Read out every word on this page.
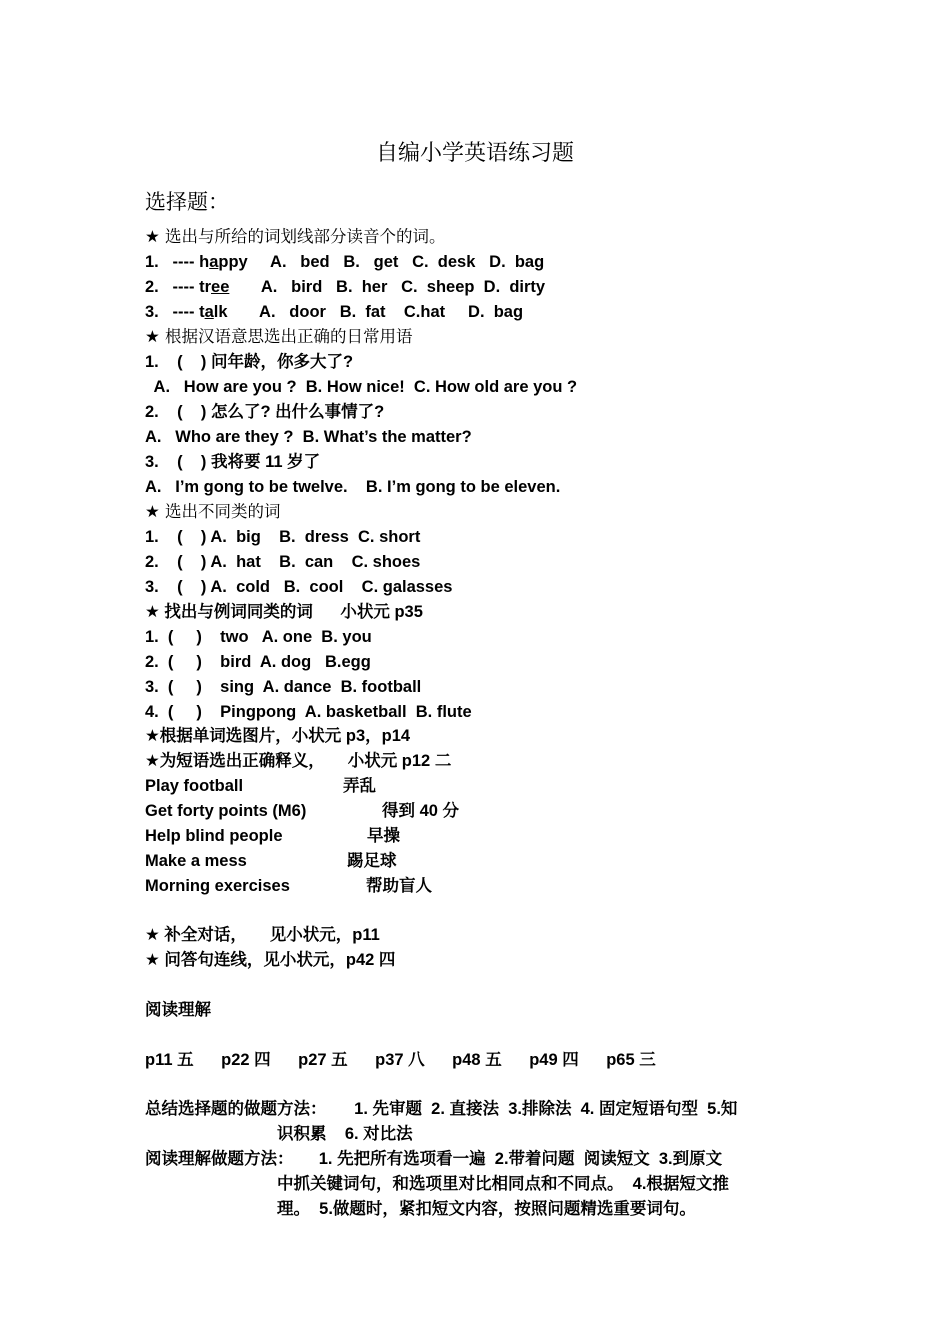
自编小学英语练习题
选择题：
★ 选出与所给的词划线部分读音个的词。
1. ---- happy A.   bed   B.   get   C.  desk   D.  bag
2. ---- tree A.   bird   B.  her   C.  sheep  D.  dirty
3. ---- talk A.   door   B.  fat    C.hat     D.  bag
★ 根据汉语意思选出正确的日常用语
1.    (    ) 问年龄，你多大了?
A.   How are you ?  B. How nice!  C. How old are you ?
2.    (    ) 怎么了? 出什么事情了?
A.   Who are they ?  B. What’s the matter?
3.    (    ) 我将要 11 岁了
A.   I’m gong to be twelve.    B. I’m gong to be eleven.
★ 选出不同类的词
1.    (    ) A.  big    B.  dress  C. short
2.    (    ) A.  hat    B.  can    C. shoes
3.    (    ) A.  cold   B.  cool    C. galasses
★ 找出与例词同类的词      小状元 p35
1.  (     )    two   A. one  B. you
2.  (     )    bird  A. dog   B.egg
3.  (     )    sing  A. dance  B. football
4.  (     )    Pingpong  A. basketball  B. flute
★根据单词选图片，小状元 p3，p14
★为短语选出正确释义，     小状元 p12 二
Play football	弄乱
Get forty points (M6)	得到 40 分
Help blind people	早操
Make a mess	踢足球
Morning exercises	帮助盲人
★ 补全对话，     见小状元，p11
★ 问答句连线，见小状元，p42 四
阅读理解
p11 五      p22 四      p27 五      p37 八      p48 五      p49 四      p65 三
总结选择题的做题方法： 1. 先审题  2. 直接法  3.排除法  4. 固定短语句型  5.知
识积累    6. 对比法
阅读理解做题方法： 1. 先把所有选项看一遍  2.带着问题  阅读短文  3.到原文
中抓关键词句，和选项里对比相同点和不同点。  4.根据短文推
理。  5.做题时，紧扣短文内容，按照问题精选重要词句。
